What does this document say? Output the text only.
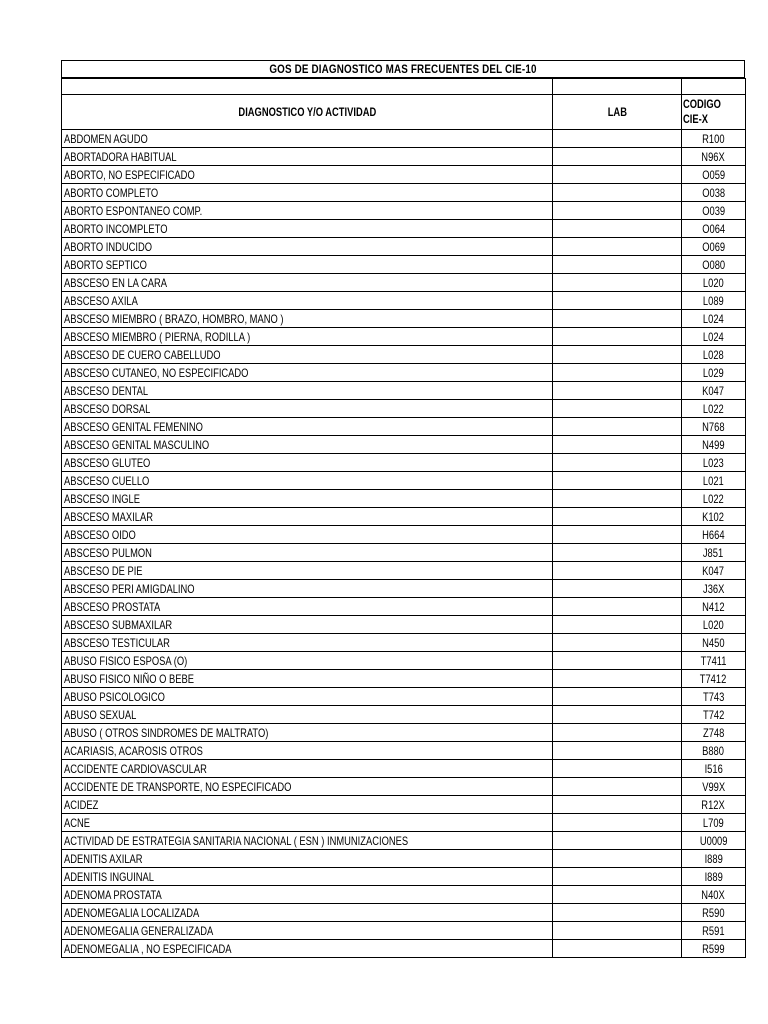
GOS DE DIAGNOSTICO MAS FRECUENTES DEL CIE-10

DIAGNOSTICO Y/O ACTIVIDAD	LAB	CODIGO
CIE-X
ABDOMEN AGUDO		R100
ABORTADORA HABITUAL		N96X
ABORTO, NO ESPECIFICADO		O059
ABORTO COMPLETO		O038
ABORTO ESPONTANEO COMP.		O039
ABORTO INCOMPLETO		O064
ABORTO INDUCIDO		O069
ABORTO SEPTICO		O080
ABSCESO EN LA CARA		L020
ABSCESO AXILA		L089
ABSCESO MIEMBRO ( BRAZO, HOMBRO, MANO )		L024
ABSCESO MIEMBRO ( PIERNA, RODILLA )		L024
ABSCESO DE CUERO CABELLUDO		L028
ABSCESO CUTANEO, NO ESPECIFICADO		L029
ABSCESO DENTAL		K047
ABSCESO DORSAL		L022
ABSCESO GENITAL FEMENINO		N768
ABSCESO GENITAL MASCULINO		N499
ABSCESO GLUTEO		L023
ABSCESO CUELLO		L021
ABSCESO INGLE		L022
ABSCESO MAXILAR		K102
ABSCESO OIDO		H664
ABSCESO PULMON		J851
ABSCESO DE PIE		K047
ABSCESO PERI AMIGDALINO		J36X
ABSCESO PROSTATA		N412
ABSCESO SUBMAXILAR		L020
ABSCESO TESTICULAR		N450
ABUSO FISICO ESPOSA (O)		T7411
ABUSO FISICO NIÑO O BEBE		T7412
ABUSO PSICOLOGICO		T743
ABUSO SEXUAL		T742
ABUSO ( OTROS SINDROMES DE MALTRATO)		Z748
ACARIASIS, ACAROSIS OTROS		B880
ACCIDENTE CARDIOVASCULAR		I516
ACCIDENTE DE TRANSPORTE, NO ESPECIFICADO		V99X
ACIDEZ		R12X
ACNE		L709
ACTIVIDAD DE ESTRATEGIA SANITARIA NACIONAL ( ESN ) INMUNIZACIONES		U0009
ADENITIS AXILAR		I889
ADENITIS INGUINAL		I889
ADENOMA PROSTATA		N40X
ADENOMEGALIA LOCALIZADA		R590
ADENOMEGALIA GENERALIZADA		R591
ADENOMEGALIA , NO ESPECIFICADA		R599
